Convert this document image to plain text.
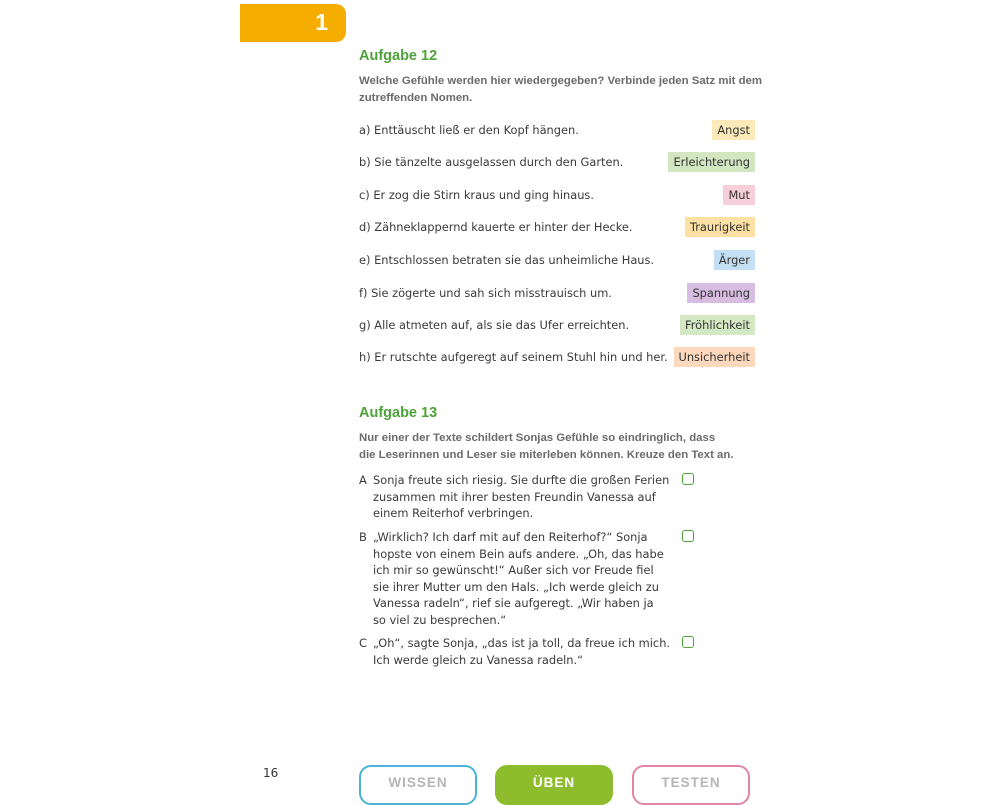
1
Aufgabe 12
Welche Gefühle werden hier wiedergegeben? Verbinde jeden Satz mit dem
zutreffenden Nomen.
a) Enttäuscht ließ er den Kopf hängen.	Angst
b) Sie tänzelte ausgelassen durch den Garten.	Erleichterung
c) Er zog die Stirn kraus und ging hinaus.	Mut
d) Zähneklappernd kauerte er hinter der Hecke.	Traurigkeit
e) Entschlossen betraten sie das unheimliche Haus.	Ärger
f) Sie zögerte und sah sich misstrauisch um.	Spannung
g) Alle atmeten auf, als sie das Ufer erreichten.	Fröhlichkeit
h) Er rutschte aufgeregt auf seinem Stuhl hin und her. Unsicherheit
Aufgabe 13
Nur einer der Texte schildert Sonjas Gefühle so eindringlich, dass
die Leserinnen und Leser sie miterleben können. Kreuze den Text an.
A Sonja freute sich riesig. Sie durfte die großen Ferien
zusammen mit ihrer besten Freundin Vanessa auf
einem Reiterhof verbringen.
B „Wirklich? Ich darf mit auf den Reiterhof?“ Sonja
hopste von einem Bein aufs andere. „Oh, das habe
ich mir so gewünscht!“ Außer sich vor Freude fiel
sie ihrer Mutter um den Hals. „Ich werde gleich zu
Vanessa radeln“, rief sie aufgeregt. „Wir haben ja
so viel zu besprechen.“
C „Oh“, sagte Sonja, „das ist ja toll, da freue ich mich.
Ich werde gleich zu Vanessa radeln.“
16
WISSEN	ÜBEN	TESTEN
